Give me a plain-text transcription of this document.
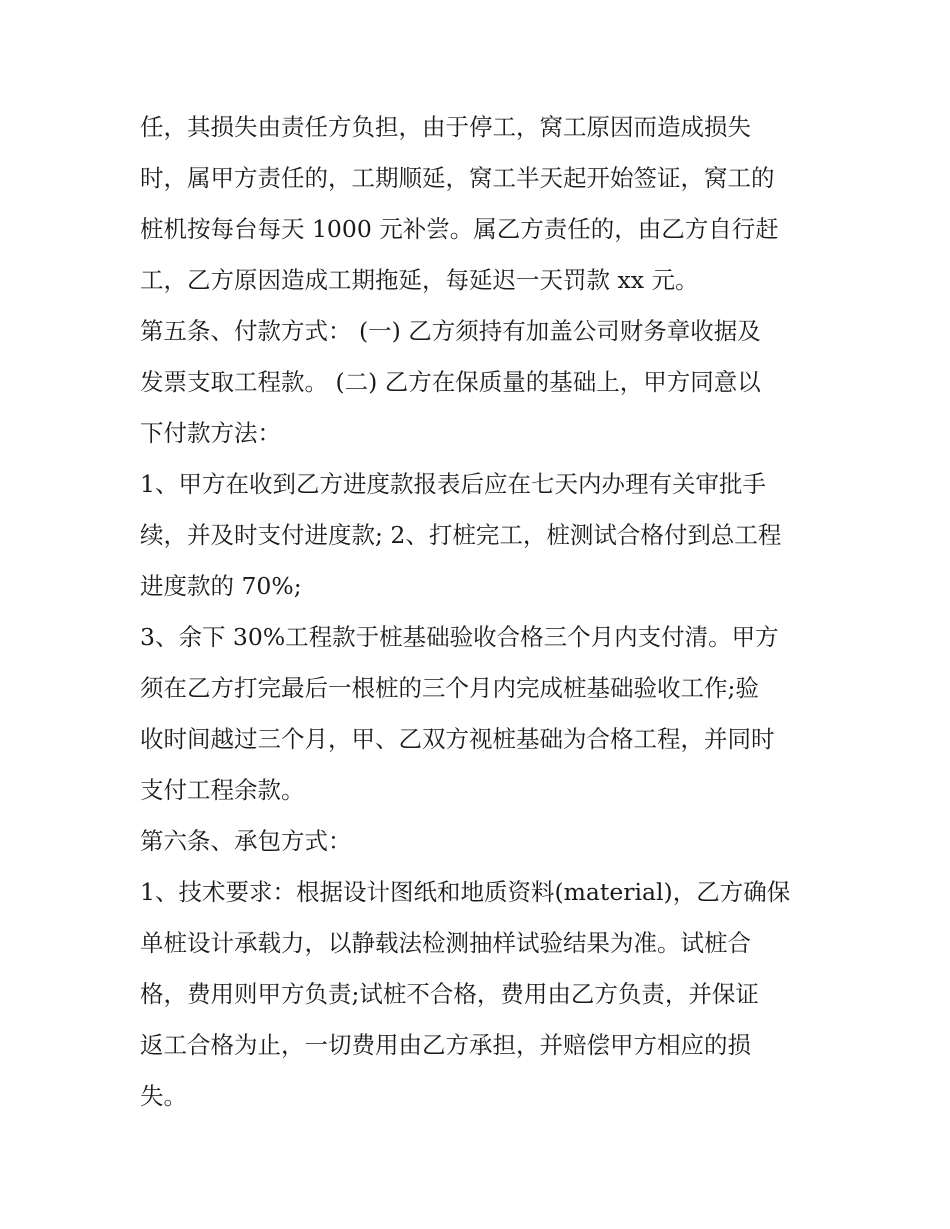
任，其损失由责任方负担，由于停工，窝工原因而造成损失
时，属甲方责任的，工期顺延，窝工半天起开始签证，窝工的
桩机按每台每天 1000 元补尝。属乙方责任的，由乙方自行赶
工，乙方原因造成工期拖延，每延迟一天罚款 xx 元。
第五条、付款方式： (一) 乙方须持有加盖公司财务章收据及
发票支取工程款。 (二) 乙方在保质量的基础上，甲方同意以
下付款方法：
1、甲方在收到乙方进度款报表后应在七天内办理有关审批手
续，并及时支付进度款; 2、打桩完工，桩测试合格付到总工程
进度款的 70%;
3、余下 30%工程款于桩基础验收合格三个月内支付清。甲方
须在乙方打完最后一根桩的三个月内完成桩基础验收工作;验
收时间越过三个月，甲、乙双方视桩基础为合格工程，并同时
支付工程余款。
第六条、承包方式：
1、技术要求：根据设计图纸和地质资料(material)，乙方确保
单桩设计承载力，以静载法检测抽样试验结果为准。试桩合
格，费用则甲方负责;试桩不合格，费用由乙方负责，并保证
返工合格为止，一切费用由乙方承担，并赔偿甲方相应的损
失。
